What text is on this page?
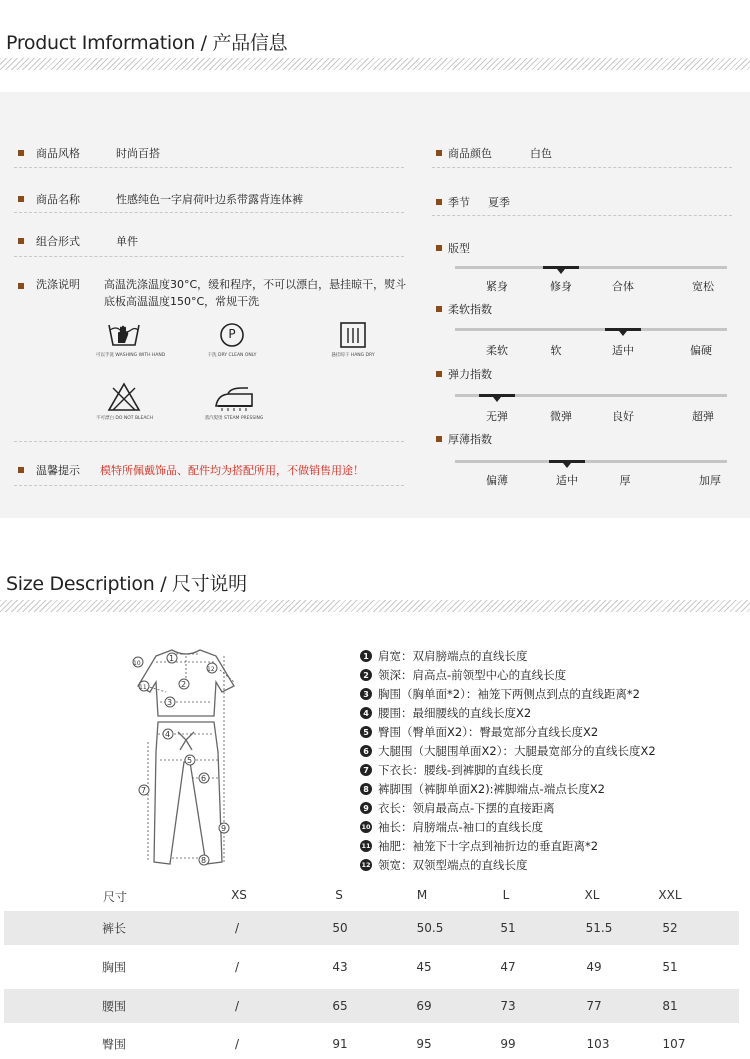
Product Imformation / 产品信息
商品风格	时尚百搭
商品名称	性感纯色一字肩荷叶边系带露背连体裤
组合形式	单件
洗涤说明 高温洗涤温度30°C，缓和程序，不可以漂白，悬挂晾干，熨斗底板高温温度150°C，常规干洗
可以手洗 WASHING WITH HAND
P
干洗 DRY CLEAN ONLY	悬挂晾干 HANG DRY
不可漂白 DO NOT BLEACH	蒸汽熨烫 STEAM PRESSING
温馨提示 模特所佩戴饰品、配件均为搭配所用，不做销售用途！
商品颜色	白色
季节 夏季
版型
紧身	修身	合体	宽松
柔软指数
柔软	软	适中	偏硬
弹力指数
无弹	微弹	良好	超弹
厚薄指数
偏薄	适中	厚	加厚
Size Description / 尺寸说明
1
2
3
4
5
6
7
8
9
10
11
12
1 肩宽：双肩膀端点的直线长度
2 领深：肩高点-前领型中心的直线长度
3 胸围（胸单面*2）：袖笼下两侧点到点的直线距离*2
4 腰围：最细腰线的直线长度X2
5 臀围（臀单面X2）：臀最宽部分直线长度X2
6 大腿围（大腿围单面X2）：大腿最宽部分的直线长度X2
7 下衣长：腰线-到裤脚的直线长度
8 裤脚围（裤脚单面X2):裤脚端点-端点长度X2
9 衣长：领肩最高点-下摆的直接距离
10 袖长：肩膀端点-袖口的直线长度
11 袖肥：袖笼下十字点到袖折边的垂直距离*2
12 领宽：双领型端点的直线长度
尺寸	XS	S	M	L	XL	XXL
裤长	/	50	50.5	51	51.5	52
胸围	/	43	45	47	49	51
腰围	/	65	69	73	77	81
臀围	/	91	95	99	103	107
